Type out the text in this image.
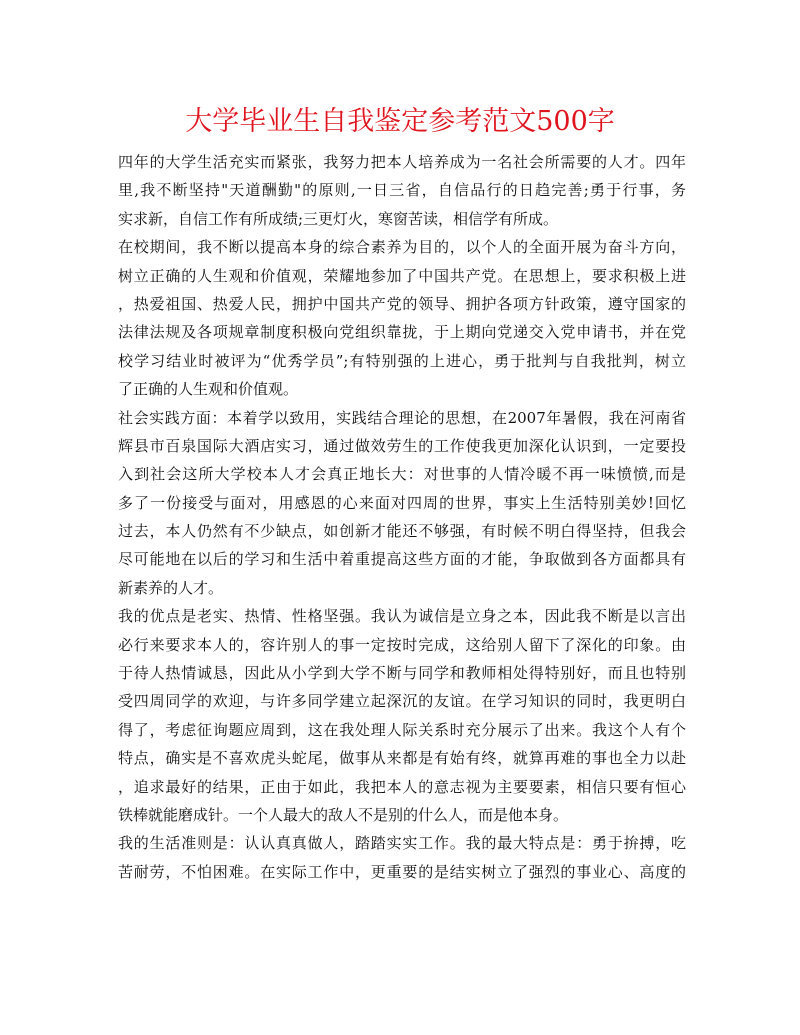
大学毕业生自我鉴定参考范文500字
四年的大学生活充实而紧张，我努力把本人培养成为一名社会所需要的人才。四年
里,我不断坚持"天道酬勤"的原则,一日三省，自信品行的日趋完善;勇于行事，务
实求新，自信工作有所成绩;三更灯火，寒窗苦读，相信学有所成。
在校期间，我不断以提高本身的综合素养为目的，以个人的全面开展为奋斗方向，
树立正确的人生观和价值观，荣耀地参加了中国共产党。在思想上，要求积极上进
，热爱祖国、热爱人民，拥护中国共产党的领导、拥护各项方针政策，遵守国家的
法律法规及各项规章制度积极向党组织靠拢，于上期向党递交入党申请书，并在党
校学习结业时被评为“优秀学员”;有特别强的上进心，勇于批判与自我批判，树立
了正确的人生观和价值观。
社会实践方面：本着学以致用，实践结合理论的思想，在2007年暑假，我在河南省
辉县市百泉国际大酒店实习，通过做效劳生的工作使我更加深化认识到，一定要投
入到社会这所大学校本人才会真正地长大：对世事的人情冷暖不再一味愤愤,而是
多了一份接受与面对，用感恩的心来面对四周的世界，事实上生活特别美妙!回忆
过去，本人仍然有不少缺点，如创新才能还不够强，有时候不明白得坚持，但我会
尽可能地在以后的学习和生活中着重提高这些方面的才能，争取做到各方面都具有
新素养的人才。
我的优点是老实、热情、性格坚强。我认为诚信是立身之本，因此我不断是以言出
必行来要求本人的，容许别人的事一定按时完成，这给别人留下了深化的印象。由
于待人热情诚恳，因此从小学到大学不断与同学和教师相处得特别好，而且也特别
受四周同学的欢迎，与许多同学建立起深沉的友谊。在学习知识的同时，我更明白
得了，考虑征询题应周到，这在我处理人际关系时充分展示了出来。我这个人有个
特点，确实是不喜欢虎头蛇尾，做事从来都是有始有终，就算再难的事也全力以赴
，追求最好的结果，正由于如此，我把本人的意志视为主要要素，相信只要有恒心
铁棒就能磨成针。一个人最大的敌人不是别的什么人，而是他本身。
我的生活准则是：认认真真做人，踏踏实实工作。我的最大特点是：勇于拚搏，吃
苦耐劳，不怕困难。在实际工作中，更重要的是结实树立了强烈的事业心、高度的
